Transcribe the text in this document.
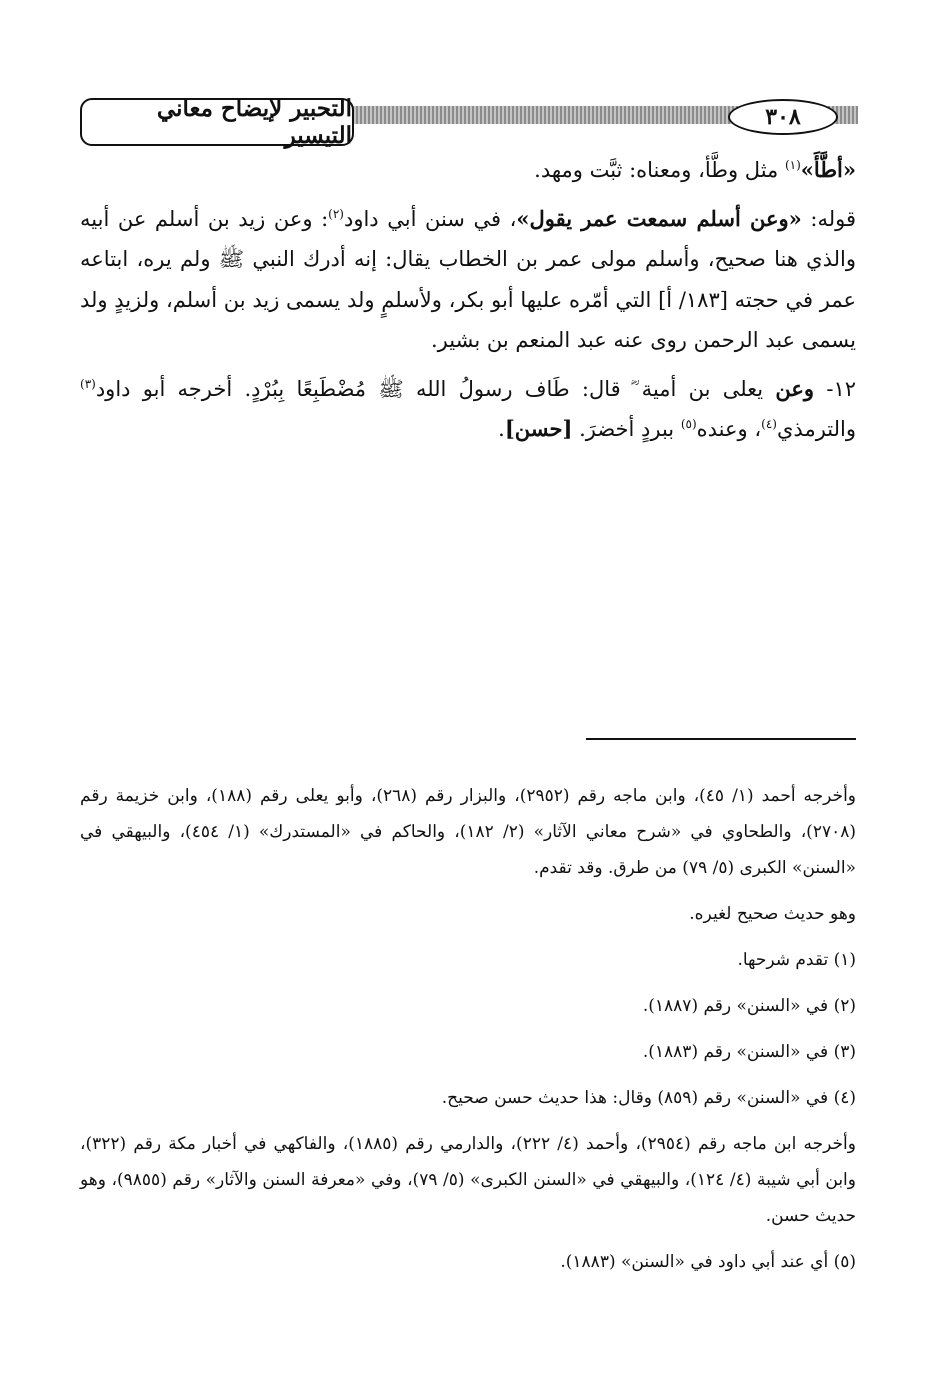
التحبير لإيضاح معاني التيسير
٣٠٨

«أطَّأَ»$^{(١)}$ مثل وطَّأ، ومعناه: ثبَّت ومهد.

قوله: «وعن أسلم سمعت عمر يقول»، في سنن أبي داود$^{(٢)}$: وعن زيد بن أسلم عن أبيه والذي هنا صحيح، وأسلم مولى عمر بن الخطاب يقال: إنه أدرك النبي ﷺ ولم يره، ابتاعه عمر في حجته [١٨٣/ أ] التي أمّره عليها أبو بكر، ولأسلمٍ ولد يسمى زيد بن أسلم، ولزيدٍ ولد يسمى عبد الرحمن روى عنه عبد المنعم بن بشير.

١٢- وعن يعلى بن أمية ؓ قال: طَاف رسولُ الله ﷺ مُضْطَبِعًا بِبُرْدٍ. أخرجه أبو داود$^{(٣)}$ والترمذي$^{(٤)}$، وعنده$^{(٥)}$ ببردٍ أخضرَ. [حسن].

وأخرجه أحمد (١/ ٤٥)، وابن ماجه رقم (٢٩٥٢)، والبزار رقم (٢٦٨)، وأبو يعلى رقم (١٨٨)، وابن خزيمة رقم (٢٧٠٨)، والطحاوي في «شرح معاني الآثار» (٢/ ١٨٢)، والحاكم في «المستدرك» (١/ ٤٥٤)، والبيهقي في «السنن» الكبرى (٥/ ٧٩) من طرق. وقد تقدم.

وهو حديث صحيح لغيره.

(١) تقدم شرحها.

(٢) في «السنن» رقم (١٨٨٧).

(٣) في «السنن» رقم (١٨٨٣).

(٤) في «السنن» رقم (٨٥٩) وقال: هذا حديث حسن صحيح.

وأخرجه ابن ماجه رقم (٢٩٥٤)، وأحمد (٤/ ٢٢٢)، والدارمي رقم (١٨٨٥)، والفاكهي في أخبار مكة رقم (٣٢٢)، وابن أبي شيبة (٤/ ١٢٤)، والبيهقي في «السنن الكبرى» (٥/ ٧٩)، وفي «معرفة السنن والآثار» رقم (٩٨٥٥)، وهو حديث حسن.

(٥) أي عند أبي داود في «السنن» (١٨٨٣).
